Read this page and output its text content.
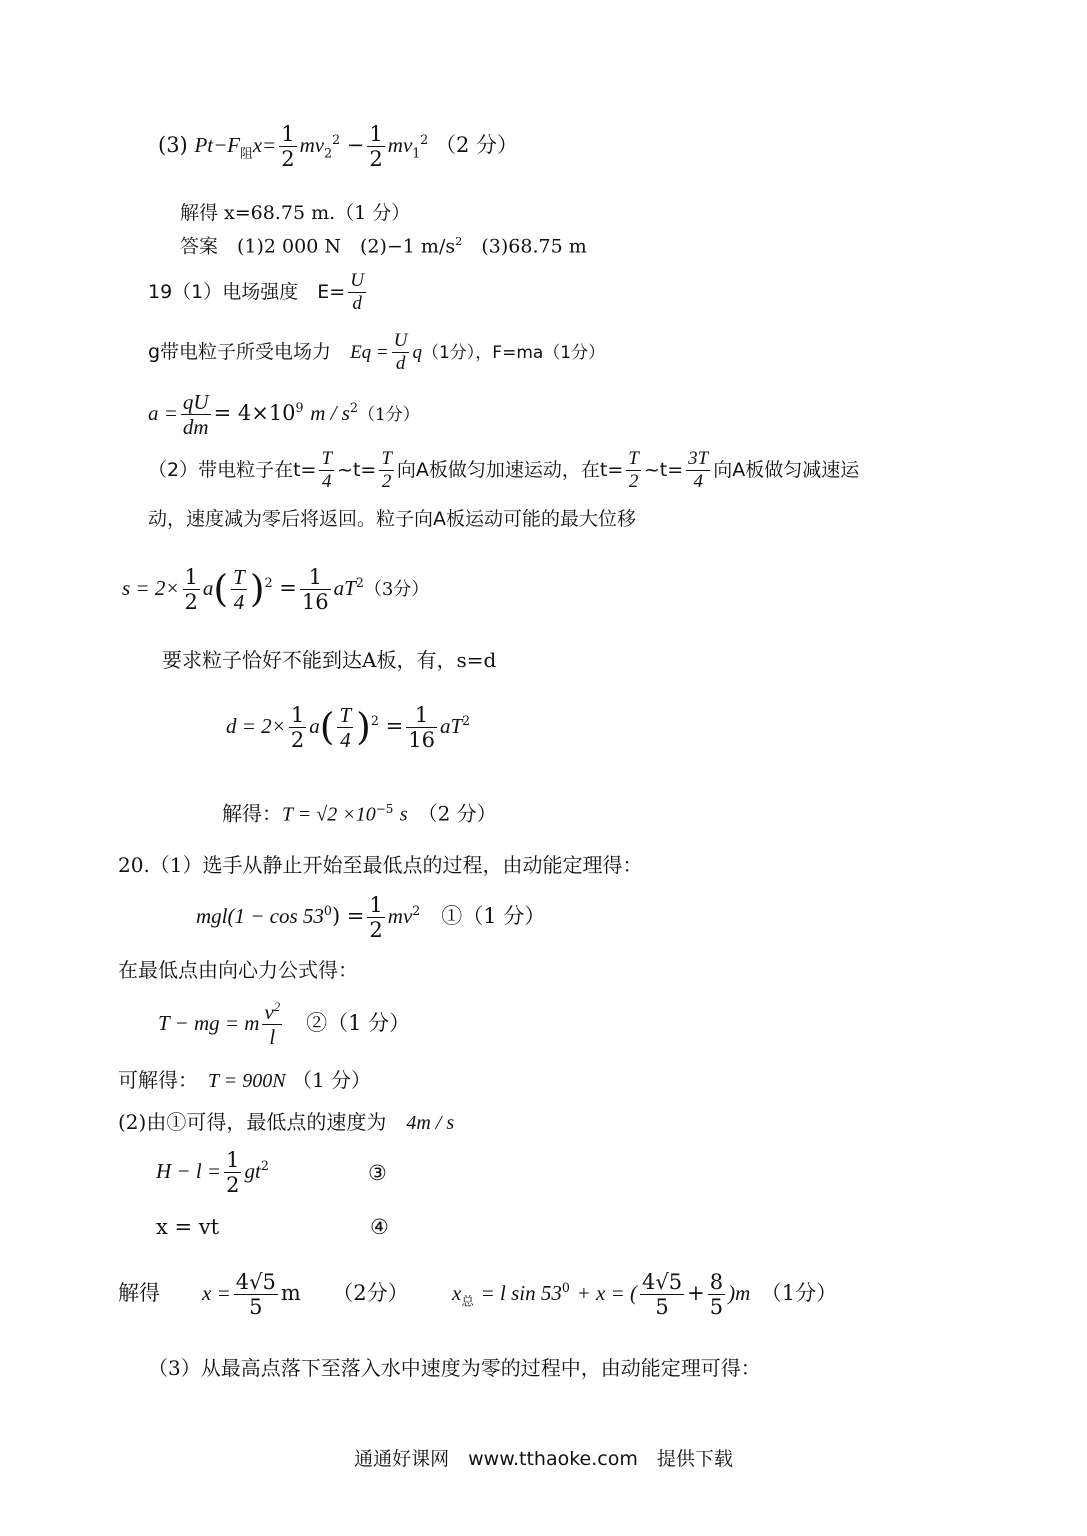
(3) $Pt-F_阻x= \frac{1}{2} mv_2^2 - \frac{1}{2} mv_1^2$ （2 分）
解得 x=68.75 m.（1 分）
答案　(1)2 000 N　(2)−1 $m/s^2$　(3)68.75 m
19（1）电场强度　$E= \frac{U}{d}$
g带电粒子所受电场力　$Eq = \frac{U}{d} q(1$分），F=ma（1分）
$a = \frac{qU}{dm} = 4\times 10^9$ m / $s^2(1$分）
（2）带电粒子在$t= \frac{T}{4}$ ~t= $\frac{T}{2}$ 向A板做匀加速运动，在$t= \frac{T}{2}$ ~t= $\frac{3T}{4}$ 向A板做匀减速运
动，速度减为零后将返回。粒子向A板运动可能的最大位移
$s = 2\times \frac{1}{2} a( \frac{T}{4} )^2 = \frac{1}{16} aT^2(3$分）
要求粒子恰好不能到达A板，有，s=d
$d = 2\times \frac{1}{2} a( \frac{T}{4} )^2 = \frac{1}{16} aT^2$
解得：$T = √2 \times 10^{-5}$ s　 （2 分）
20.（1）选手从静止开始至最低点的过程，由动能定理得：
$mgl(1 - \cos 53^0) = \frac{1}{2} mv^2$　 ①（1 分）
在最低点由向心力公式得：
T − mg = m $\frac{v^2}{l}$
　 ②（1 分）
可解得：　 T = 900N （1 分）
(2)由①可得，最低点的速度为　 4m / s
$H - l = \frac{1}{2} gt^2$	③
x = vt	④
解得　　 $x = \frac{4√5}{5}$ m　　 （2分） $x_总 = l$ $\sin 53^0 + x$ = ( $\frac{4√5}{5} + \frac{8}{5} )m$　 （1分）
（3）从最高点落下至落入水中速度为零的过程中，由动能定理可得：
通通好课网　www.tthaoke.com　提供下载
